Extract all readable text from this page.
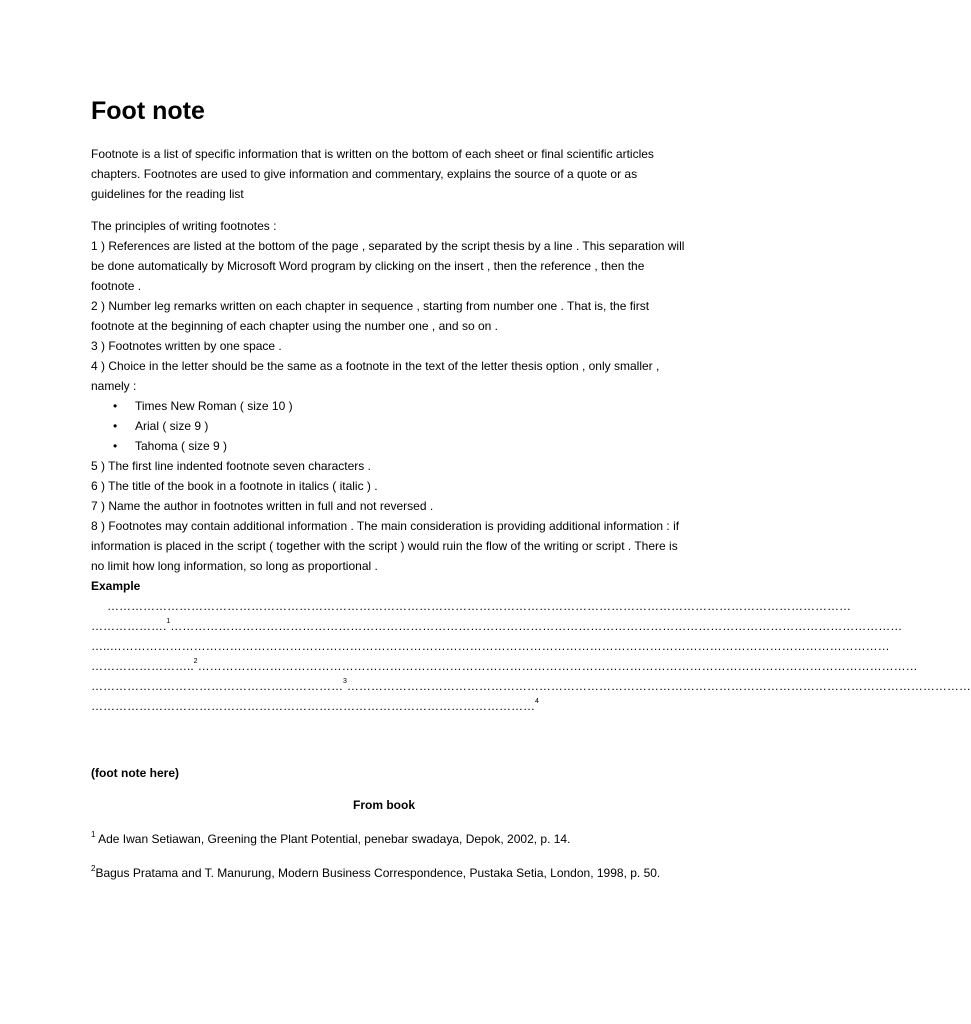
Foot note

Footnote is a list of specific information that is written on the bottom of each sheet or final scientific articles chapters. Footnotes are used to give information and commentary, explains the source of a quote or as guidelines for the reading list

The principles of writing footnotes :

1 ) References are listed at the bottom of the page , separated by the script thesis by a line . This separation will be done automatically by Microsoft Word program by clicking on the insert , then the reference , then the footnote .

2 ) Number leg remarks written on each chapter in sequence , starting from number one . That is, the first footnote at the beginning of each chapter using the number one , and so on .

3 ) Footnotes written by one space .

4 ) Choice in the letter should be the same as a footnote in the text of the letter thesis option , only smaller , namely :

• Times New Roman ( size 10 )
• Arial ( size 9 )
• Tahoma ( size 9 )

5 ) The first line indented footnote seven characters .

6 ) The title of the book in a footnote in italics ( italic ) .

7 ) Name the author in footnotes written in full and not reversed .

8 ) Footnotes may contain additional information . The main consideration is providing additional information : if information is placed in the script ( together with the script ) would ruin the flow of the writing or script . There is no limit how long information, so long as proportional .

Example

……………………………………………………………………………………………………………………………………………………………………
……………….$^1$…………………………………………………………………………………………………………………………………………………………………
…..……………………………………………………………………………………………………………………………………………………………………………
……………………..$^2$………………………………………………………………………………………………………………………………………………………………
………………………………………………………$^3$…………………………………………………………………………………………………………………………………………
…………………………………………………………………………………………………$^4$
(foot note here)
From book
$^1$ Ade Iwan Setiawan, Greening the Plant Potential, penebar swadaya, Depok, 2002, p. 14.
$^2$Bagus Pratama and T. Manurung, Modern Business Correspondence, Pustaka Setia, London, 1998, p. 50.
